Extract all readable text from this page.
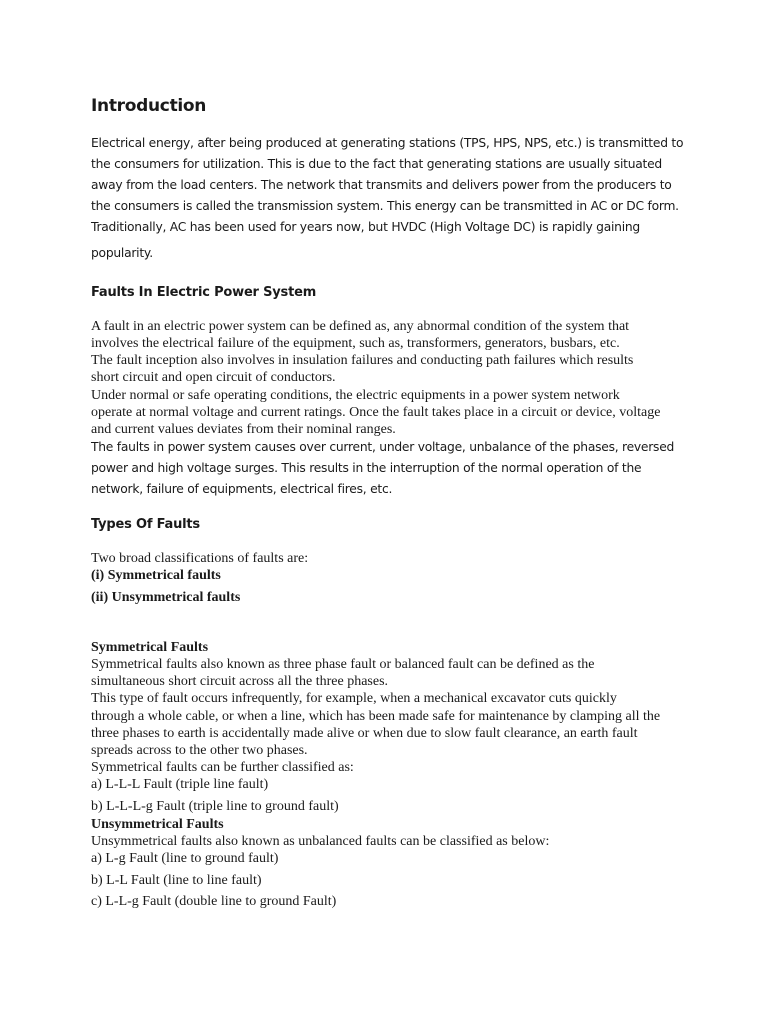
Introduction
Electrical energy, after being produced at generating stations (TPS, HPS, NPS, etc.) is transmitted to
the consumers for utilization. This is due to the fact that generating stations are usually situated
away from the load centers. The network that transmits and delivers power from the producers to
the consumers is called the transmission system. This energy can be transmitted in AC or DC form.
Traditionally, AC has been used for years now, but HVDC (High Voltage DC) is rapidly gaining
popularity.
Faults In Electric Power System
A fault in an electric power system can be defined as, any abnormal condition of the system that
involves the electrical failure of the equipment, such as, transformers, generators, busbars, etc.
The fault inception also involves in insulation failures and conducting path failures which results
short circuit and open circuit of conductors.
Under normal or safe operating conditions, the electric equipments in a power system network
operate at normal voltage and current ratings. Once the fault takes place in a circuit or device, voltage
and current values deviates from their nominal ranges.
The faults in power system causes over current, under voltage, unbalance of the phases, reversed
power and high voltage surges. This results in the interruption of the normal operation of the
network, failure of equipments, electrical fires, etc.
Types Of Faults
Two broad classifications of faults are:
(i) Symmetrical faults
(ii) Unsymmetrical faults
Symmetrical Faults
Symmetrical faults also known as three phase fault or balanced fault can be defined as the
simultaneous short circuit across all the three phases.
This type of fault occurs infrequently, for example, when a mechanical excavator cuts quickly
through a whole cable, or when a line, which has been made safe for maintenance by clamping all the
three phases to earth is accidentally made alive or when due to slow fault clearance, an earth fault
spreads across to the other two phases.
Symmetrical faults can be further classified as:
a) L-L-L Fault (triple line fault)
b) L-L-L-g Fault (triple line to ground fault)
Unsymmetrical Faults
Unsymmetrical faults also known as unbalanced faults can be classified as below:
a) L-g Fault (line to ground fault)
b) L-L Fault (line to line fault)
c) L-L-g Fault (double line to ground Fault)
